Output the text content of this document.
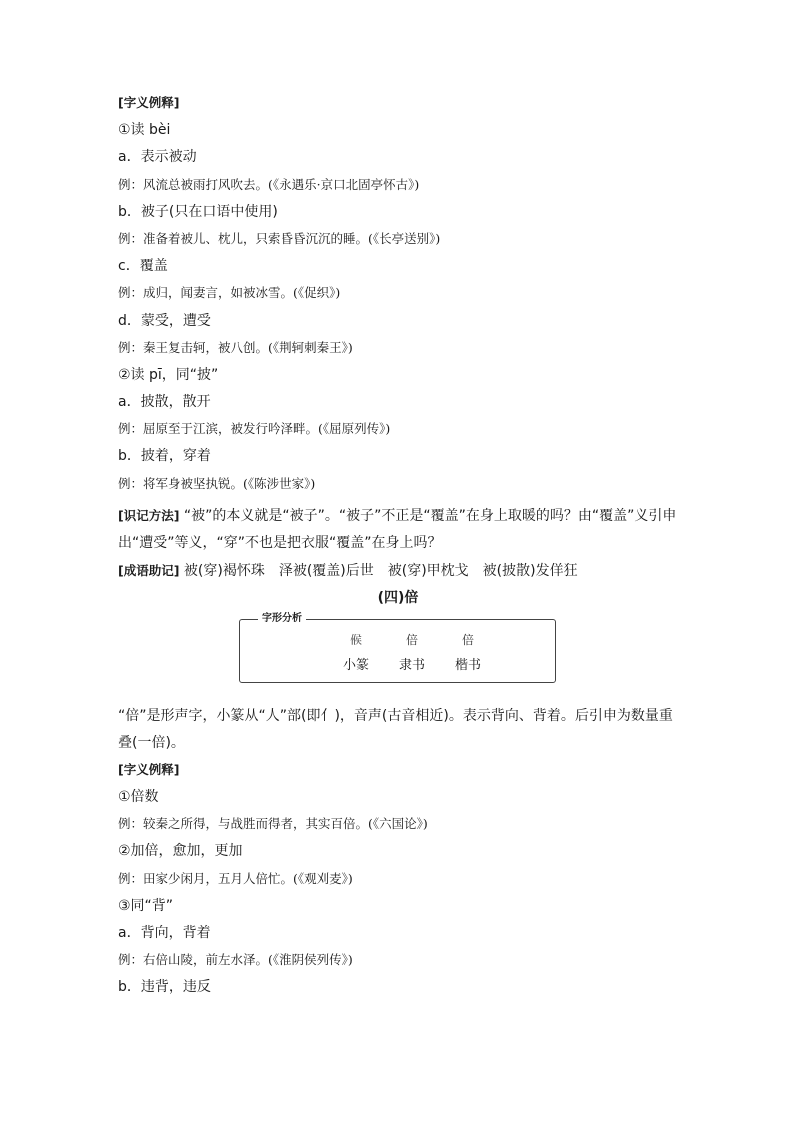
[字义例释]
①读 bèi
a．表示被动
例：风流总被雨打风吹去。(《永遇乐·京口北固亭怀古》)
b．被子(只在口语中使用)
例：准备着被儿、枕儿，只索昏昏沉沉的睡。(《长亭送别》)
c．覆盖
例：成归，闻妻言，如被冰雪。(《促织》)
d．蒙受，遭受
例：秦王复击轲，被八创。(《荆轲刺秦王》)
②读 pī，同“披”
a．披散，散开
例：屈原至于江滨，被发行吟泽畔。(《屈原列传》)
b．披着，穿着
例：将军身被坚执锐。(《陈涉世家》)
[识记方法] “被”的本义就是“被子”。“被子”不正是“覆盖”在身上取暖的吗？由“覆盖”义引申出“遭受”等义，“穿”不也是把衣服“覆盖”在身上吗？
[成语助记] 被(穿)褐怀珠　泽被(覆盖)后世　被(穿)甲枕戈　被(披散)发佯狂
(四)倍
字形分析
𠋫
小篆
倍
隶书
倍
楷书
“倍”是形声字，小篆从“人”部(即亻)，音声(古音相近)。表示背向、背着。后引申为数量重叠(一倍)。
[字义例释]
①倍数
例：较秦之所得，与战胜而得者，其实百倍。(《六国论》)
②加倍，愈加，更加
例：田家少闲月，五月人倍忙。(《观刈麦》)
③同“背”
a．背向，背着
例：右倍山陵，前左水泽。(《淮阴侯列传》)
b．违背，违反
